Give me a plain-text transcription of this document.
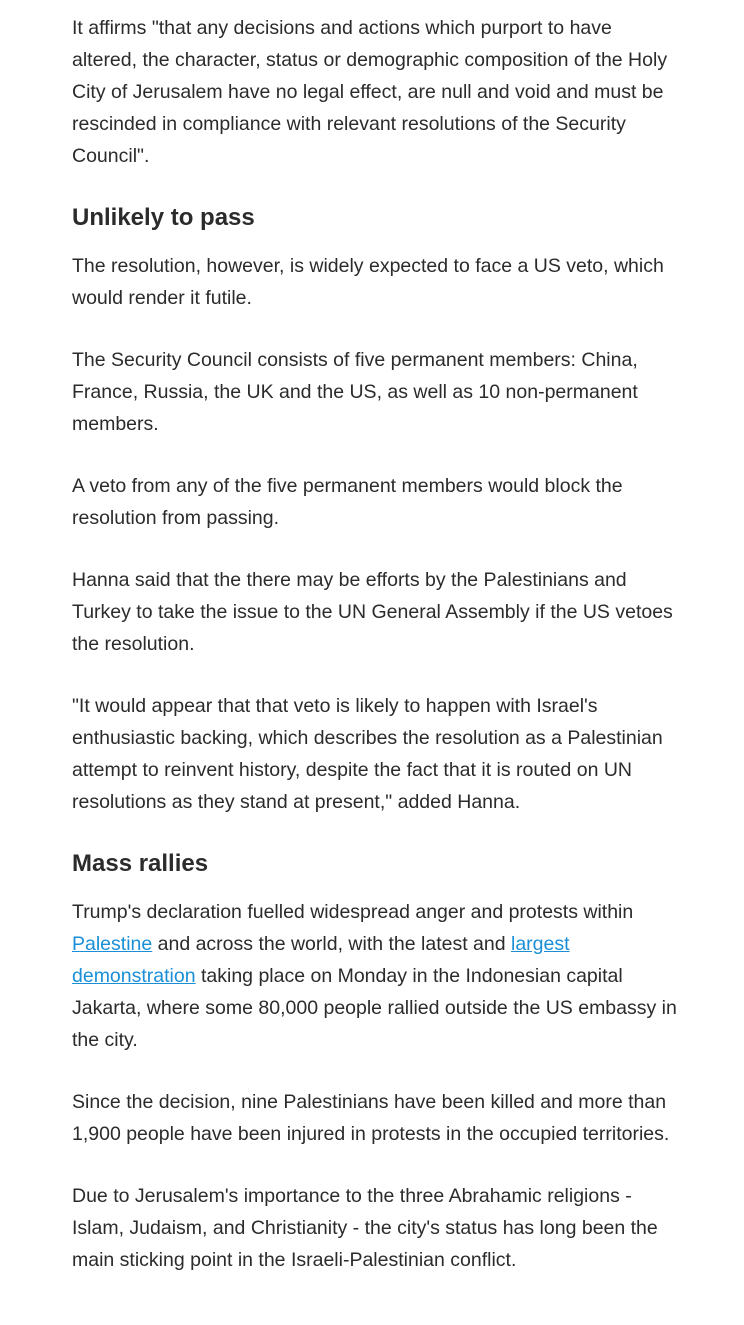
It affirms "that any decisions and actions which purport to have altered, the character, status or demographic composition of the Holy City of Jerusalem have no legal effect, are null and void and must be rescinded in compliance with relevant resolutions of the Security Council".

Unlikely to pass

The resolution, however, is widely expected to face a US veto, which would render it futile.

The Security Council consists of five permanent members: China, France, Russia, the UK and the US, as well as 10 non-permanent members.

A veto from any of the five permanent members would block the resolution from passing.

Hanna said that the there may be efforts by the Palestinians and Turkey to take the issue to the UN General Assembly if the US vetoes the resolution.

"It would appear that that veto is likely to happen with Israel's enthusiastic backing, which describes the resolution as a Palestinian attempt to reinvent history, despite the fact that it is routed on UN resolutions as they stand at present," added Hanna.

Mass rallies

Trump's declaration fuelled widespread anger and protests within Palestine and across the world, with the latest and largest demonstration taking place on Monday in the Indonesian capital Jakarta, where some 80,000 people rallied outside the US embassy in the city.

Since the decision, nine Palestinians have been killed and more than 1,900 people have been injured in protests in the occupied territories.

Due to Jerusalem's importance to the three Abrahamic religions - Islam, Judaism, and Christianity - the city's status has long been the main sticking point in the Israeli-Palestinian conflict.
